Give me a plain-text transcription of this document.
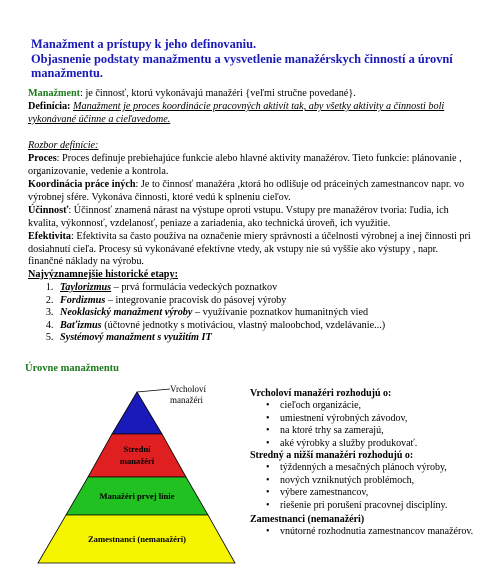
Manažment a prístupy k jeho definovaniu.
Objasnenie podstaty manažmentu a vysvetlenie manažérskych činností a úrovní manažmentu.
Manažment: je činnosť, ktorú vykonávajú manažéri {veľmi stručne povedané}.
Definícia: Manažment je proces koordinácie pracovných aktivít tak, aby všetky aktivity a činnosti boli vykonávané účinne a cieľavedome.
Rozbor definície:
Proces: Proces definuje prebiehajúce funkcie alebo hlavné aktivity manažérov. Tieto funkcie: plánovanie , organizovanie, vedenie a kontrola.
Koordinácia práce iných: Je to činnosť manažéra ,ktorá ho odlišuje od práceiných zamestnancov napr. vo výrobnej sfére. Vykonáva činnosti, ktoré vedú k splneniu cieľov.
Účinnosť: Účinnosť znamená nárast na výstupe oproti vstupu. Vstupy pre manažérov tvoria: ľudia, ich kvalita, výkonnosť, vzdelanosť, peniaze a zariadenia, ako technická úroveň, ich využitie.
Efektivita: Efektivita sa často používa na označenie miery správnosti a účelnosti výrobnej a inej činnosti pri dosiahnutí cieľa. Procesy sú vykonávané efektívne vtedy, ak vstupy nie sú vyššie ako výstupy , napr. finančné náklady na výrobu.
Najvýznamnejšie historické etapy:
1. Taylorizmus – prvá formulácia vedeckých poznatkov
2. Fordizmus – integrovanie pracovísk do pásovej výroby
3. Neoklasický manažment výroby – využívanie poznatkov humanitných vied
4. Baťizmus (účtovné jednotky s motiváciou, vlastný maloobchod, vzdelávanie...)
5. Systémový manažment s využitím IT
Úrovne manažmentu
Strední
manažéri
Manažéri prvej línie
Zamestnanci (nemanažéri)
Vrcholoví
manažéri
Vrcholoví manažéri rozhodujú o:
• cieľoch organizácie,
• umiestnení výrobných závodov,
• na ktoré trhy sa zamerajú,
• aké výrobky a služby produkovať.
Stredný a nižší manažéri rozhodujú o:
• týždenných a mesačných plánoch výroby,
• nových vzniknutých problémoch,
• výbere zamestnancov,
• riešenie pri porušení pracovnej disciplíny.
Zamestnanci (nemanažéri)
• vnútorné rozhodnutia zamestnancov manažérov.
